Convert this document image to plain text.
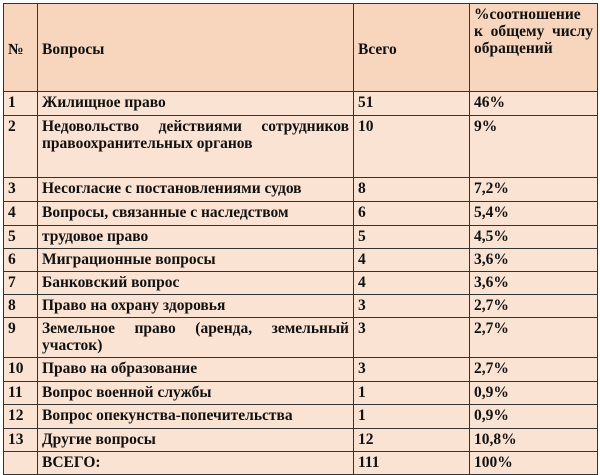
№	Вопросы	Всего	%соотношение к общему числу обращений
1	Жилищное право	51	46%
2	Недовольство действиями сотрудников правоохранительных органов	10	9%
3	Несогласие с постановлениями судов	8	7,2%
4	Вопросы, связанные с наследством	6	5,4%
5	трудовое право	5	4,5%
6	Миграционные вопросы	4	3,6%
7	Банковский вопрос	4	3,6%
8	Право на охрану здоровья	3	2,7%
9	Земельное право (аренда, земельный участок)	3	2,7%
10	Право на образование	3	2,7%
11	Вопрос военной службы	1	0,9%
12	Вопрос опекунства-попечительства	1	0,9%
13	Другие вопросы	12	10,8%
	ВСЕГО:	111	100%
